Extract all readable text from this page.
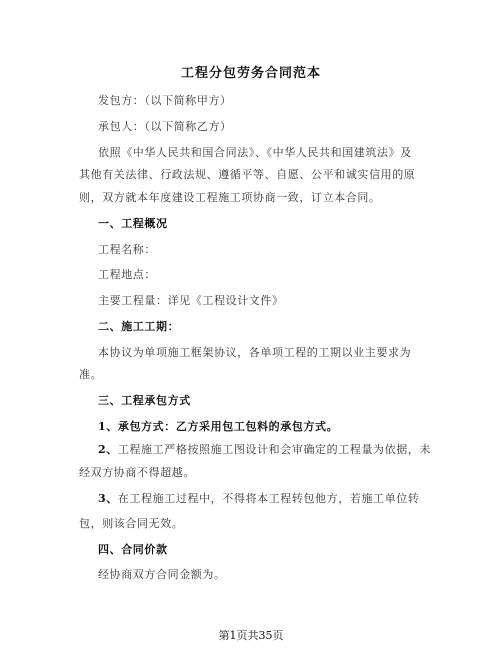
工程分包劳务合同范本
发包方：（以下简称甲方）
承包人：（以下简称乙方）
依照《中华人民共和国合同法》、《中华人民共和国建筑法》及
其他有关法律、行政法规、遵循平等、自愿、公平和诚实信用的原
则，双方就本年度建设工程施工项协商一致，订立本合同。
一、工程概况
工程名称：
工程地点：
主要工程量：详见《工程设计文件》
二、施工工期：
本协议为单项施工框架协议，各单项工程的工期以业主要求为
准。
三、工程承包方式
1、承包方式：乙方采用包工包料的承包方式。
2、工程施工严格按照施工图设计和会审确定的工程量为依据，未
经双方协商不得超越。
3、在工程施工过程中，不得将本工程转包他方，若施工单位转
包，则该合同无效。
四、合同价款
经协商双方合同金额为。
第1页共35页
